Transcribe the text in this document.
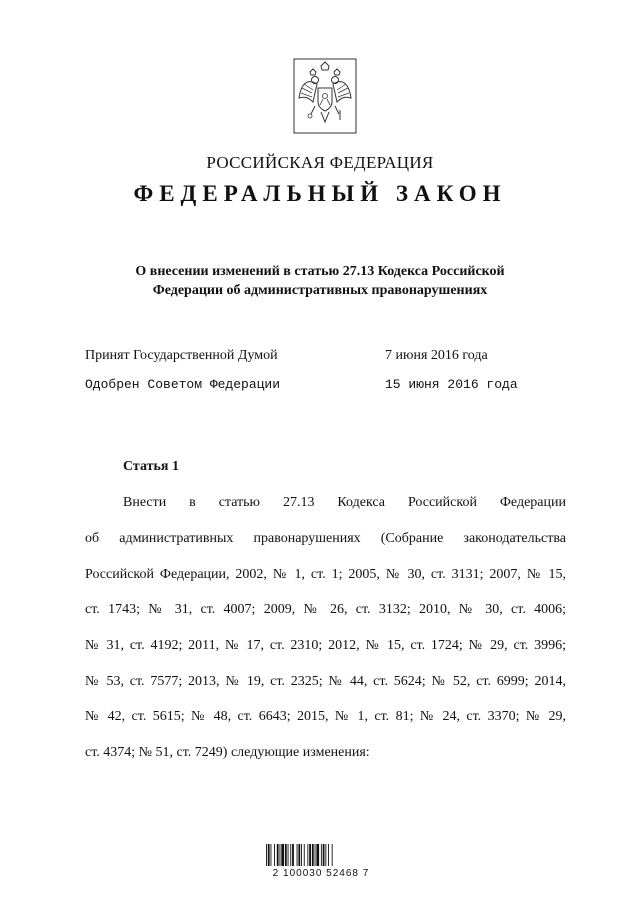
РОССИЙСКАЯ ФЕДЕРАЦИЯ
ФЕДЕРАЛЬНЫЙ ЗАКОН
О внесении изменений в статью 27.13 Кодекса Российской
Федерации об административных правонарушениях
Принят Государственной Думой	7 июня 2016 года
Одобрен Советом Федерации	15 июня 2016 года
Статья 1
Внести в статью 27.13 Кодекса Российской Федерации
об административных правонарушениях (Собрание законодательства
Российской Федерации, 2002, № 1, ст. 1; 2005, № 30, ст. 3131; 2007, № 15,
ст. 1743; № 31, ст. 4007; 2009, № 26, ст. 3132; 2010, № 30, ст. 4006;
№ 31, ст. 4192; 2011, № 17, ст. 2310; 2012, № 15, ст. 1724; № 29, ст. 3996;
№ 53, ст. 7577; 2013, № 19, ст. 2325; № 44, ст. 5624; № 52, ст. 6999; 2014,
№ 42, ст. 5615; № 48, ст. 6643; 2015, № 1, ст. 81; № 24, ст. 3370; № 29,
ст. 4374; № 51, ст. 7249) следующие изменения:
2 100030 52468 7
